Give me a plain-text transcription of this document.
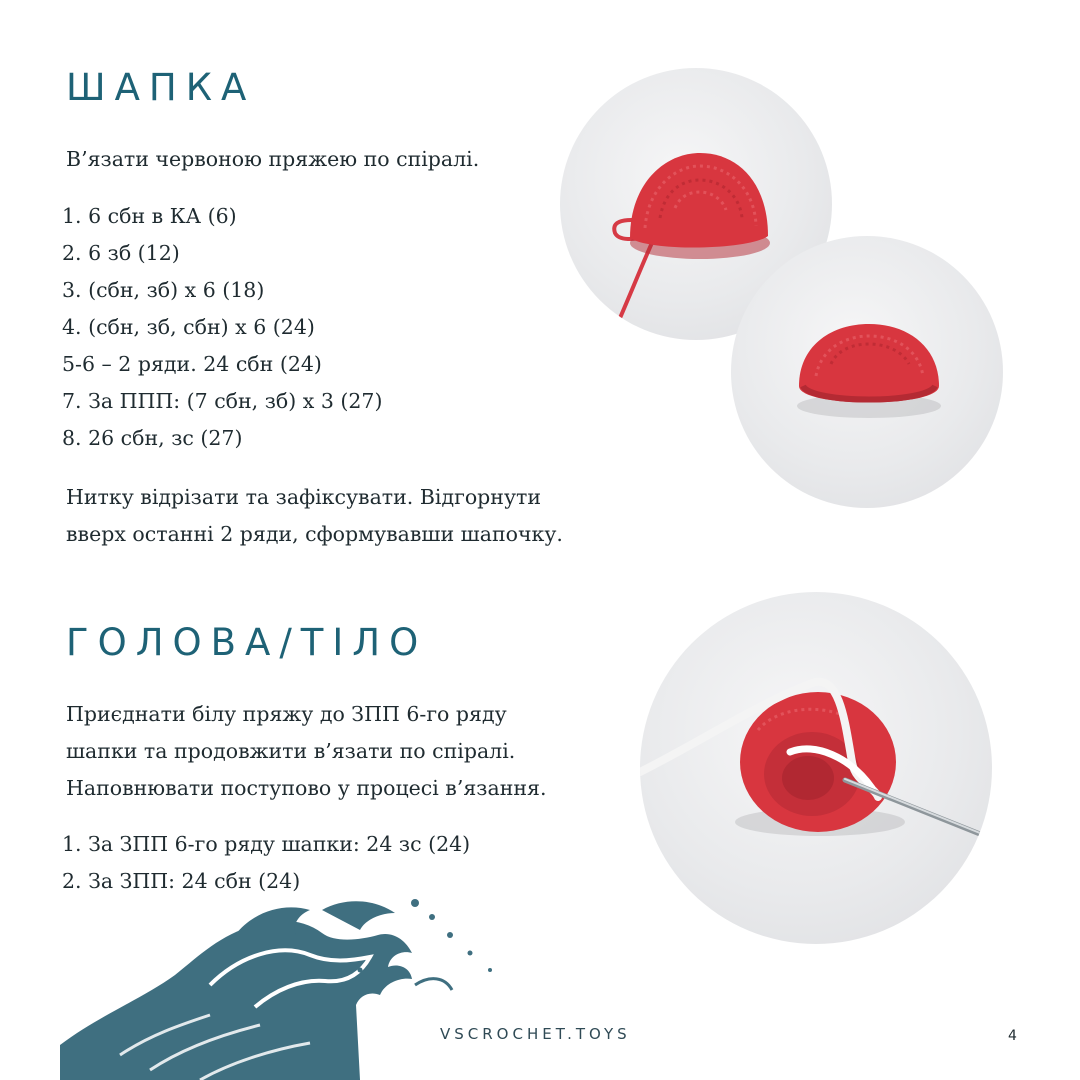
ШАПКА

В’язати червоною пряжею по спіралі.

1. 6 сбн в КА (6)
2. 6 зб (12)
3. (сбн, зб) х 6 (18)
4. (сбн, зб, сбн) х 6 (24)
5-6 – 2 ряди. 24 сбн (24)
7. За ППП: (7 сбн, зб) х 3 (27)
8. 26 сбн, зс (27)

Нитку відрізати та зафіксувати. Відгорнути

вверх останні 2 ряди, сформувавши шапочку.

ГОЛОВА/ТІЛО

Приєднати білу пряжу до ЗПП 6-го ряду

шапки та продовжити в’язати по спіралі.

Наповнювати поступово у процесі в’язання.

1. За ЗПП 6-го ряду шапки: 24 зс (24)
2. За ЗПП: 24 сбн (24)
VSCROCHET.TOYS	4
